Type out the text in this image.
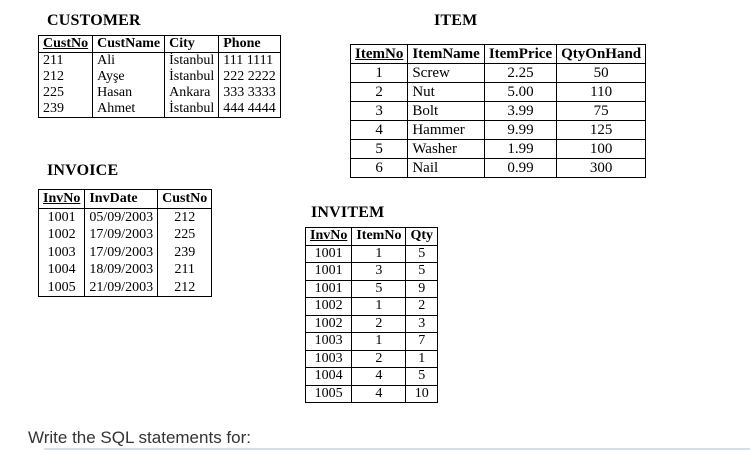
CUSTOMER
CustNo	CustName	City	Phone
211	Ali	İstanbul	111 1111
212	Ayşe	İstanbul	222 2222
225	Hasan	Ankara	333 3333
239	Ahmet	İstanbul	444 4444
ITEM
ItemNo	ItemName	ItemPrice	QtyOnHand
1	Screw	2.25	50
2	Nut	5.00	110
3	Bolt	3.99	75
4	Hammer	9.99	125
5	Washer	1.99	100
6	Nail	0.99	300
INVOICE
InvNo	InvDate	CustNo
1001	05/09/2003	212
1002	17/09/2003	225
1003	17/09/2003	239
1004	18/09/2003	211
1005	21/09/2003	212
INVITEM
InvNo	ItemNo	Qty
1001	1	5
1001	3	5
1001	5	9
1002	1	2
1002	2	3
1003	1	7
1003	2	1
1004	4	5
1005	4	10
Write the SQL statements for:
